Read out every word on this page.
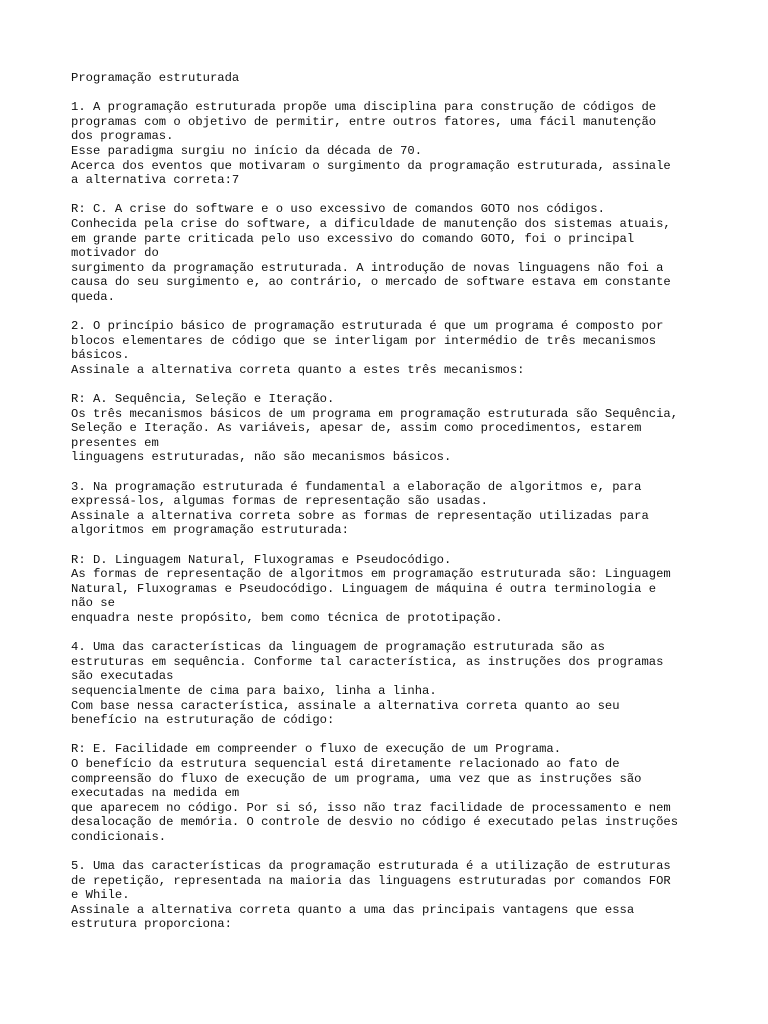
Programação estruturada
1. A programação estruturada propõe uma disciplina para construção de códigos de
programas com o objetivo de permitir, entre outros fatores, uma fácil manutenção
dos programas.
Esse paradigma surgiu no início da década de 70.
Acerca dos eventos que motivaram o surgimento da programação estruturada, assinale
a alternativa correta:7
R: C. A crise do software e o uso excessivo de comandos GOTO nos códigos.
Conhecida pela crise do software, a dificuldade de manutenção dos sistemas atuais,
em grande parte criticada pelo uso excessivo do comando GOTO, foi o principal
motivador do
surgimento da programação estruturada. A introdução de novas linguagens não foi a
causa do seu surgimento e, ao contrário, o mercado de software estava em constante
queda.
2. O princípio básico de programação estruturada é que um programa é composto por
blocos elementares de código que se interligam por intermédio de três mecanismos
básicos.
Assinale a alternativa correta quanto a estes três mecanismos:
R: A. Sequência, Seleção e Iteração.
Os três mecanismos básicos de um programa em programação estruturada são Sequência,
Seleção e Iteração. As variáveis, apesar de, assim como procedimentos, estarem
presentes em
linguagens estruturadas, não são mecanismos básicos.
3. Na programação estruturada é fundamental a elaboração de algoritmos e, para
expressá-los, algumas formas de representação são usadas.
Assinale a alternativa correta sobre as formas de representação utilizadas para
algoritmos em programação estruturada:
R: D. Linguagem Natural, Fluxogramas e Pseudocódigo.
As formas de representação de algoritmos em programação estruturada são: Linguagem
Natural, Fluxogramas e Pseudocódigo. Linguagem de máquina é outra terminologia e
não se
enquadra neste propósito, bem como técnica de prototipação.
4. Uma das características da linguagem de programação estruturada são as
estruturas em sequência. Conforme tal característica, as instruções dos programas
são executadas
sequencialmente de cima para baixo, linha a linha.
Com base nessa característica, assinale a alternativa correta quanto ao seu
benefício na estruturação de código:
R: E. Facilidade em compreender o fluxo de execução de um Programa.
O benefício da estrutura sequencial está diretamente relacionado ao fato de
compreensão do fluxo de execução de um programa, uma vez que as instruções são
executadas na medida em
que aparecem no código. Por si só, isso não traz facilidade de processamento e nem
desalocação de memória. O controle de desvio no código é executado pelas instruções
condicionais.
5. Uma das características da programação estruturada é a utilização de estruturas
de repetição, representada na maioria das linguagens estruturadas por comandos FOR
e While.
Assinale a alternativa correta quanto a uma das principais vantagens que essa
estrutura proporciona:
